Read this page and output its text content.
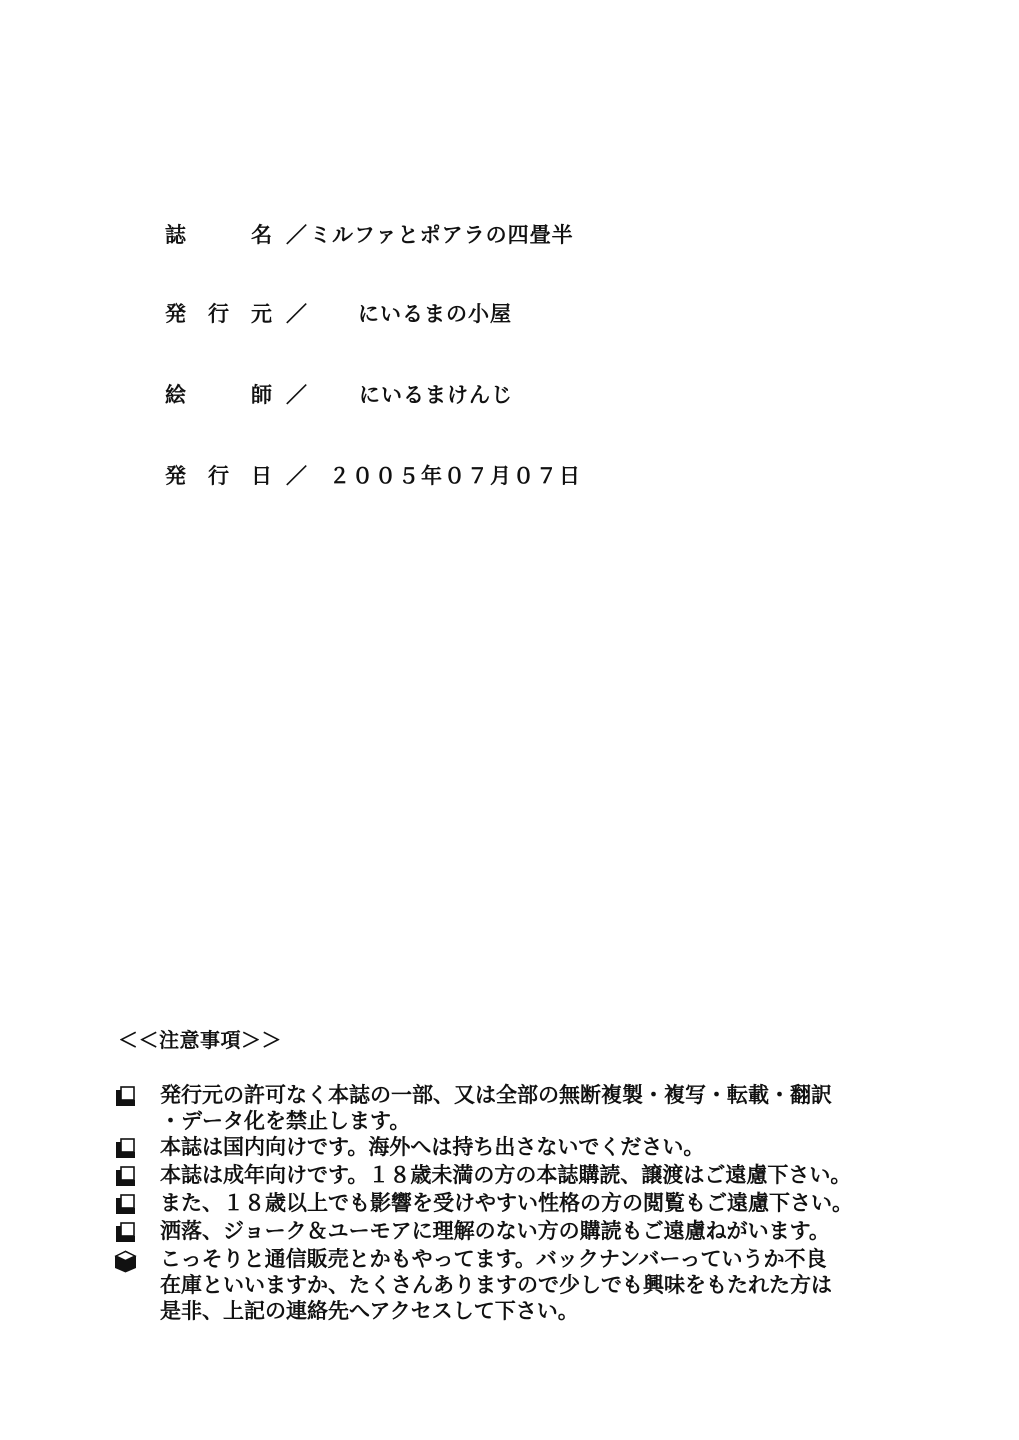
誌名 ／ ミルファとポアラの四畳半
発行元 ／ にいるまの小屋
絵師 ／ にいるまけんじ
発行日 ／ ２００５年０７月０７日
＜＜注意事項＞＞
発行元の許可なく本誌の一部、又は全部の無断複製・複写・転載・翻訳
・データ化を禁止します。
本誌は国内向けです。海外へは持ち出さないでください。
本誌は成年向けです。１８歳未満の方の本誌購読、譲渡はご遠慮下さい。
また、１８歳以上でも影響を受けやすい性格の方の閲覧もご遠慮下さい。
洒落、ジョーク＆ユーモアに理解のない方の購読もご遠慮ねがいます。
こっそりと通信販売とかもやってます。バックナンバーっていうか不良
在庫といいますか、たくさんありますので少しでも興味をもたれた方は
是非、上記の連絡先へアクセスして下さい。
